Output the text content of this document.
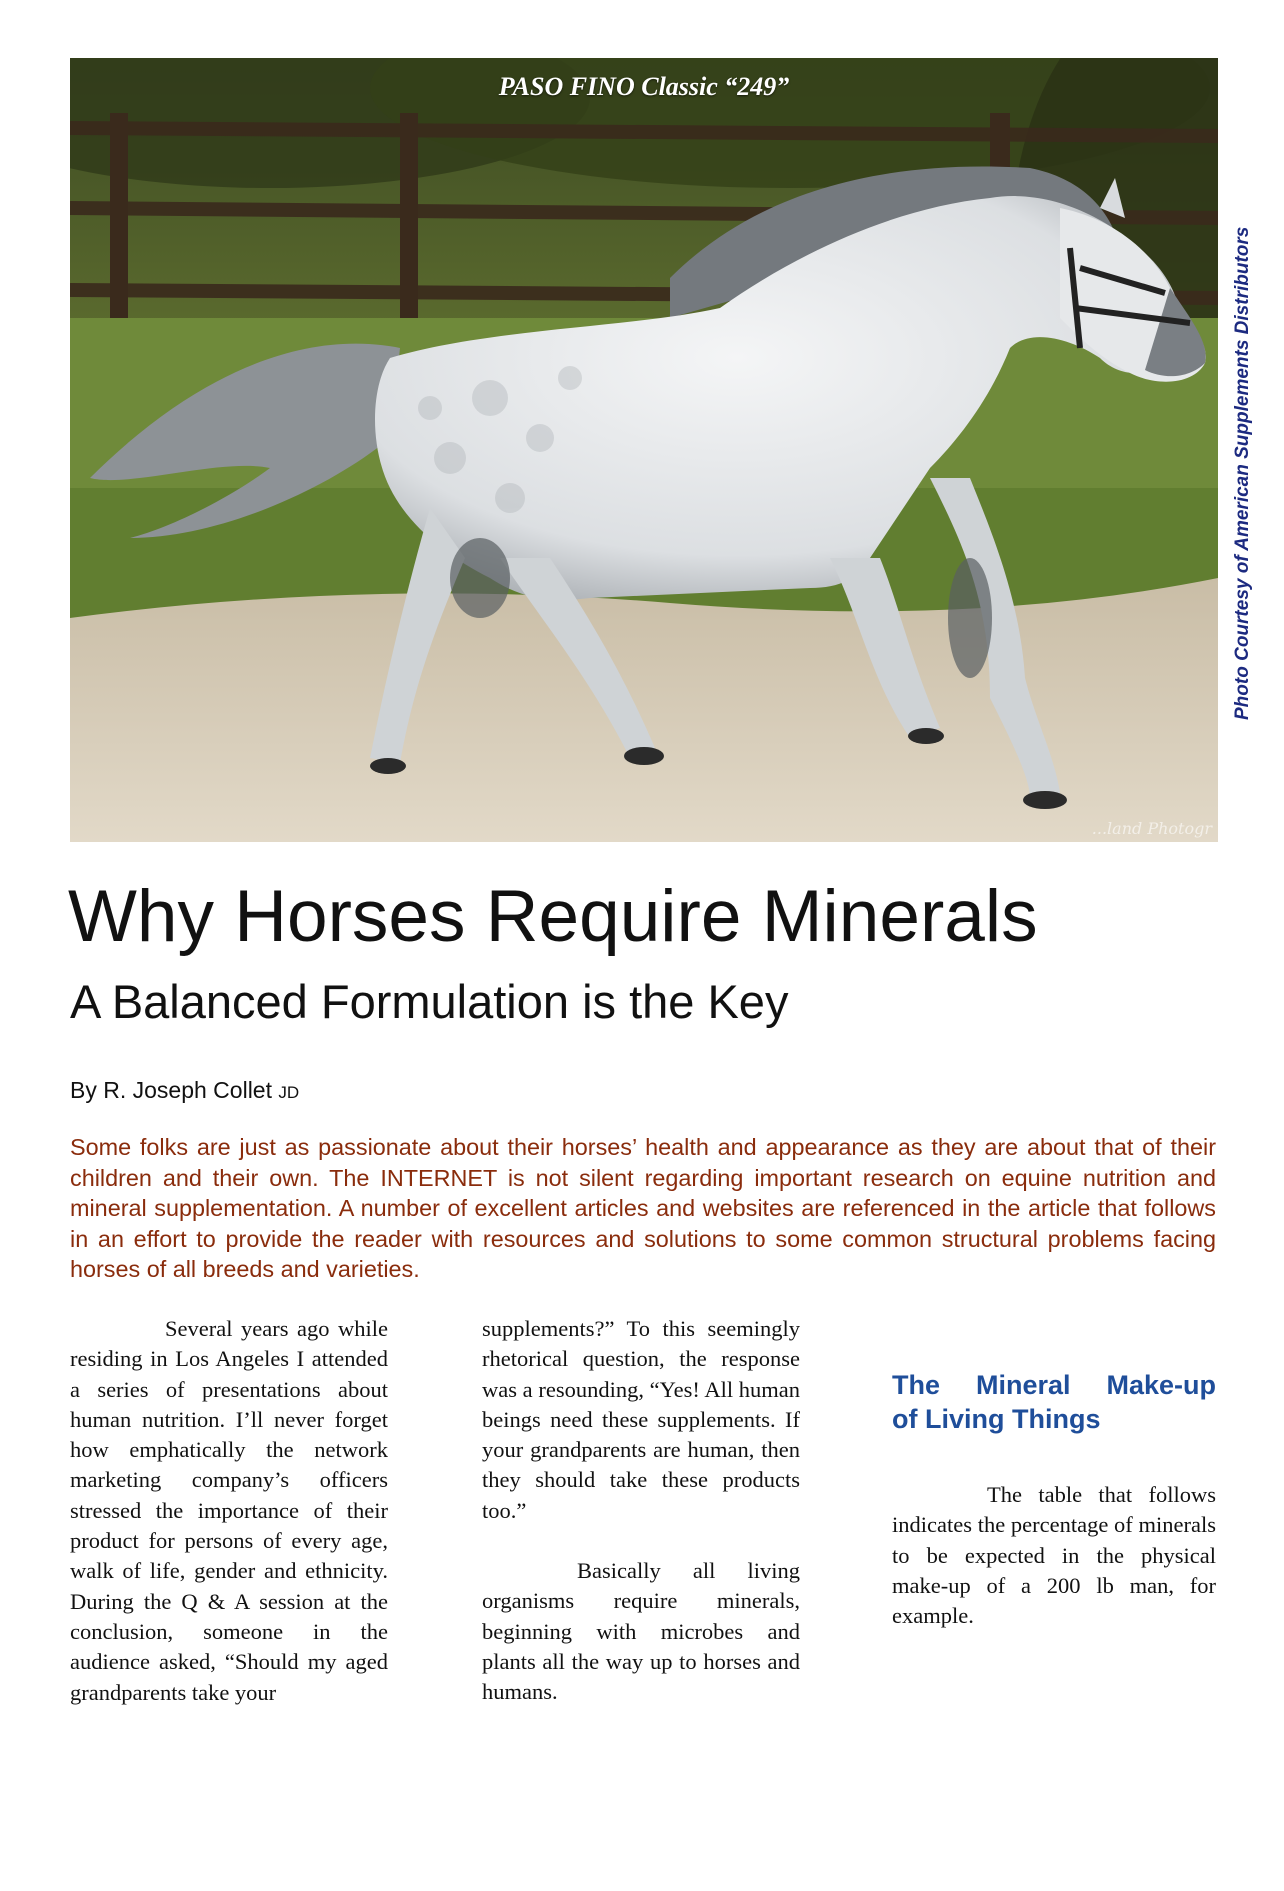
PASO FINO Classic “249”
...land Photogr
Photo Courtesy of American Supplements Distributors
Why Horses Require Minerals
A Balanced Formulation is the Key
By R. Joseph Collet JD

Some folks are just as passionate about their horses’ health and appearance as they are about that of their children and their own. The INTERNET is not silent regarding important research on equine nutrition and mineral supplementation. A number of excellent articles and websites are referenced in the article that follows in an effort to provide the reader with resources and solutions to some common structural problems facing horses of all breeds and varieties.

Several years ago while residing in Los Angeles I attended a series of presentations about human nutrition. I’ll never forget how emphatically the network marketing company’s officers stressed the importance of their product for persons of every age, walk of life, gender and ethnicity. During the Q & A session at the conclusion, someone in the audience asked, “Should my aged grandparents take your

supplements?” To this seemingly rhetorical question, the response was a resounding, “Yes! All human beings need these supplements. If your grandparents are human, then they should take these products too.”

Basically all living organisms require minerals, beginning with microbes and plants all the way up to horses and humans.

The Mineral Make-up
of Living Things

The table that follows indicates the percentage of minerals to be expected in the physical make-up of a 200 lb man, for example.
